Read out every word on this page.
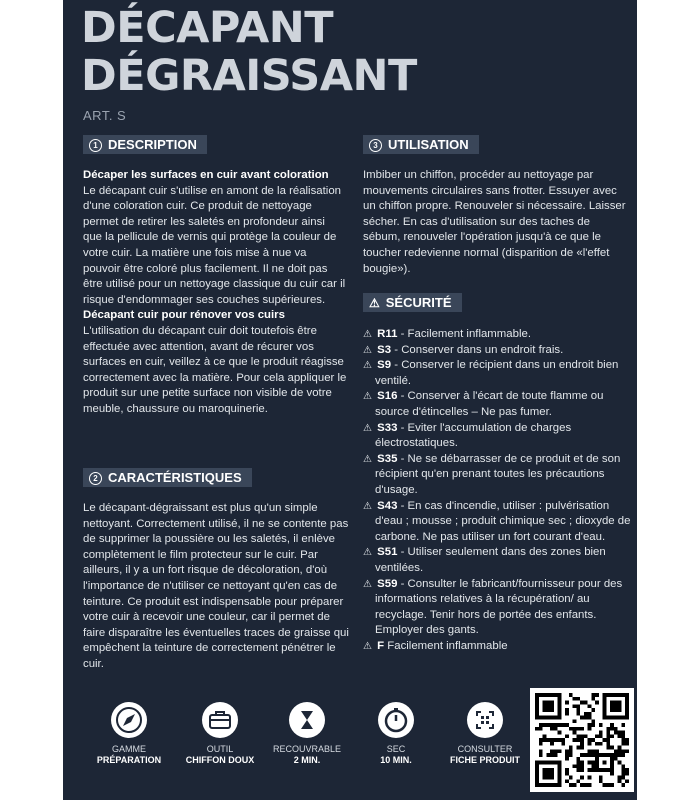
DÉCAPANT
DÉGRAISSANT
ART. S
1 DESCRIPTION

Décaper les surfaces en cuir avant coloration

Le décapant cuir s'utilise en amont de la réalisation d'une coloration cuir. Ce produit de nettoyage permet de retirer les saletés en profondeur ainsi que la pellicule de vernis qui protège la couleur de votre cuir. La matière une fois mise à nue va pouvoir être coloré plus facilement. Il ne doit pas être utilisé pour un nettoyage classique du cuir car il risque d'endommager ses couches supérieures.

Décapant cuir pour rénover vos cuirs

L'utilisation du décapant cuir doit toutefois être effectuée avec attention, avant de récurer vos surfaces en cuir, veillez à ce que le produit réagisse correctement avec la matière. Pour cela appliquer le produit sur une petite surface non visible de votre meuble, chaussure ou maroquinerie.

2 CARACTÉRISTIQUES

Le décapant-dégraissant est plus qu'un simple nettoyant. Correctement utilisé, il ne se contente pas de supprimer la poussière ou les saletés, il enlève complètement le film protecteur sur le cuir. Par ailleurs, il y a un fort risque de décoloration, d'où l'importance de n'utiliser ce nettoyant qu'en cas de teinture. Ce produit est indispensable pour préparer votre cuir à recevoir une couleur, car il permet de faire disparaître les éventuelles traces de graisse qui empêchent la teinture de correctement pénétrer le cuir.

3 UTILISATION

Imbiber un chiffon, procéder au nettoyage par mouvements circulaires sans frotter. Essuyer avec un chiffon propre. Renouveler si nécessaire. Laisser sécher. En cas d'utilisation sur des taches de sébum, renouveler l'opération jusqu'à ce que le toucher redevienne normal (disparition de «l'effet bougie»).

⚠ SÉCURITÉ

⚠ R11 - Facilement inflammable.

⚠ S3 - Conserver dans un endroit frais.

⚠ S9 - Conserver le récipient dans un endroit bien ventilé.

⚠ S16 - Conserver à l'écart de toute flamme ou source d'étincelles – Ne pas fumer.

⚠ S33 - Eviter l'accumulation de charges électrostatiques.

⚠ S35 - Ne se débarrasser de ce produit et de son récipient qu'en prenant toutes les précautions d'usage.

⚠ S43 - En cas d'incendie, utiliser : pulvérisation d'eau ; mousse ; produit chimique sec ; dioxyde de carbone. Ne pas utiliser un fort courant d'eau.

⚠ S51 - Utiliser seulement dans des zones bien ventilées.

⚠ S59 - Consulter le fabricant/fournisseur pour des informations relatives à la récupération/ au recyclage. Tenir hors de portée des enfants. Employer des gants.

⚠ F Facilement inflammable

GAMME
PRÉPARATION
OUTIL
CHIFFON DOUX
RECOUVRABLE
2 MIN.
SEC
10 MIN.
CONSULTER
FICHE PRODUIT
